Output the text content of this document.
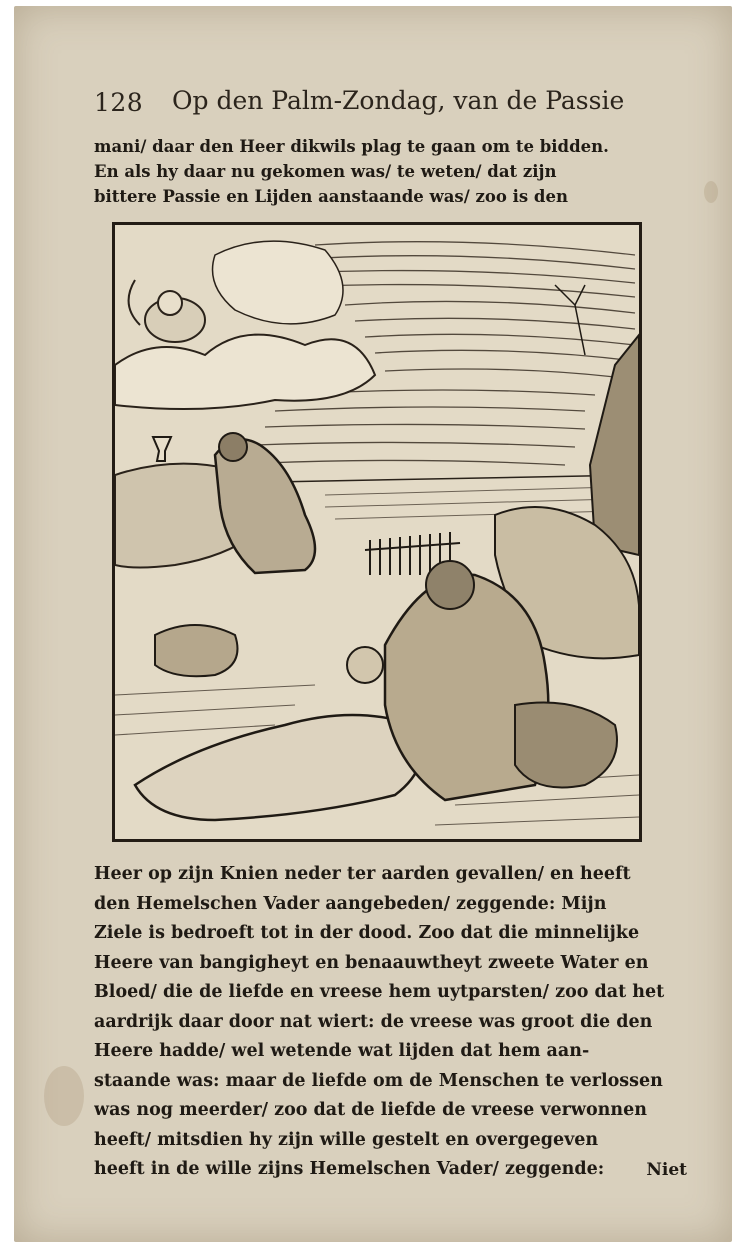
128 Op den Palm-Zondag, van de Passie
mani/ daar den Heer dikwils plag te gaan om te bidden.
En als hy daar nu gekomen was/ te weten/ dat zijn
bittere Passie en Lijden aanstaande was/ zoo is den
Heer op zijn Knien neder ter aarden gevallen/ en heeft
den Hemelschen Vader aangebeden/ zeggende: Mijn
Ziele is bedroeft tot in der dood. Zoo dat die minnelijke
Heere van bangigheyt en benaauwtheyt zweete Water en
Bloed/ die de liefde en vreese hem uytparsten/ zoo dat het
aardrijk daar door nat wiert: de vreese was groot die den
Heere hadde/ wel wetende wat lijden dat hem aan-
staande was: maar de liefde om de Menschen te verlossen
was nog meerder/ zoo dat de liefde de vreese verwonnen
heeft/ mitsdien hy zijn wille gestelt en overgegeven
heeft in de wille zijns Hemelschen Vader/ zeggende:	Niet
